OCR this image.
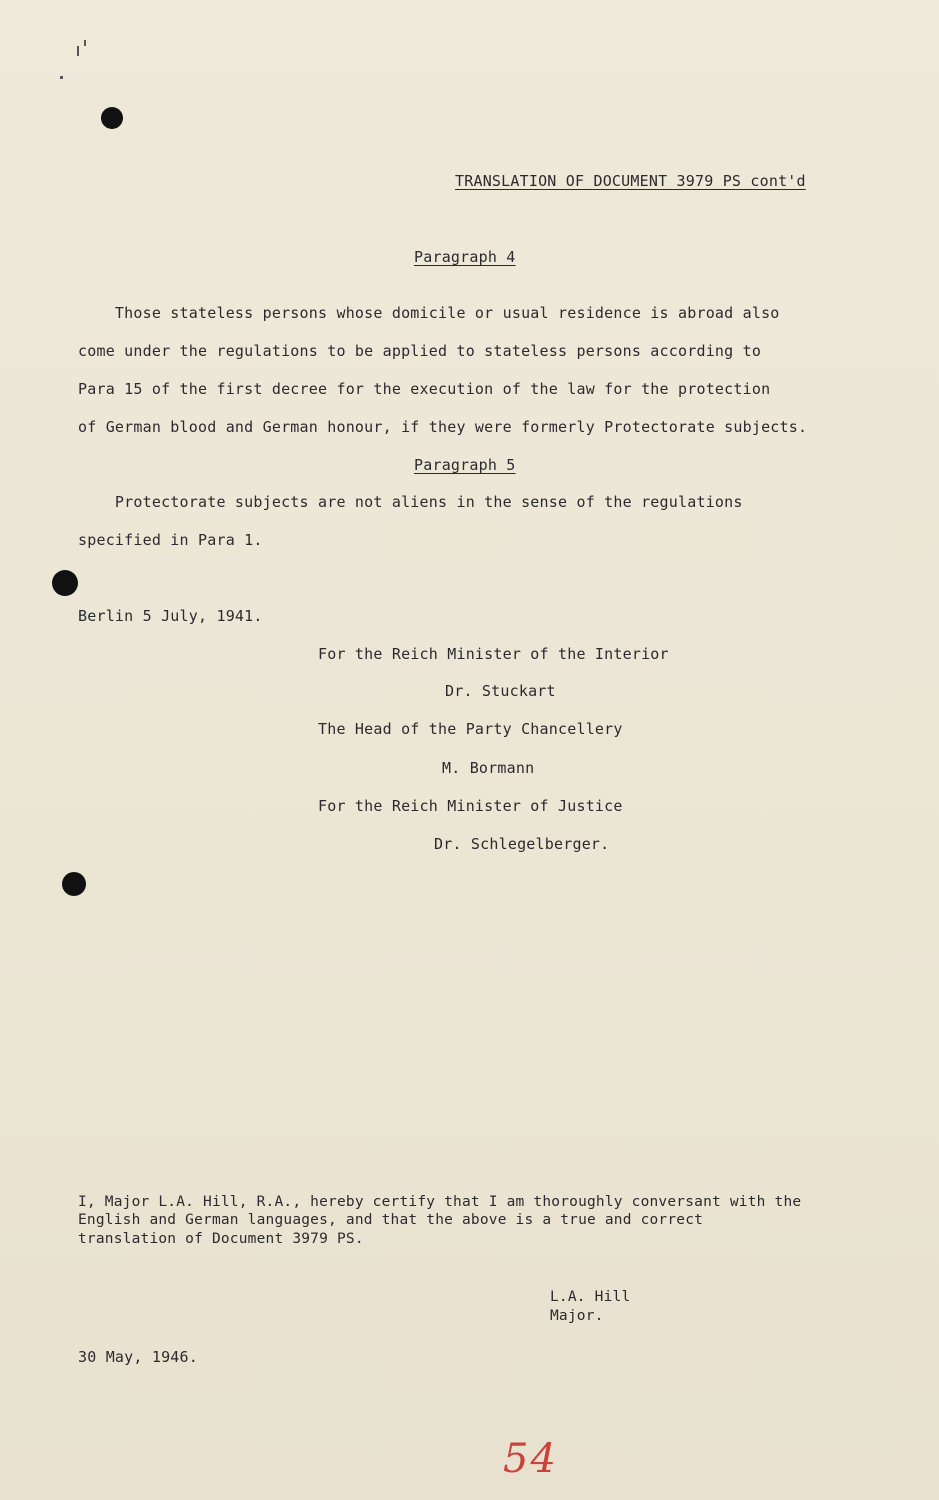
TRANSLATION OF DOCUMENT 3979 PS cont'd
Paragraph 4
Those stateless persons whose domicile or usual residence is abroad also
come under the regulations to be applied to stateless persons according to
Para 15 of the first decree for the execution of the law for the protection
of German blood and German honour, if they were formerly Protectorate subjects.
Paragraph 5
Protectorate subjects are not aliens in the sense of the regulations
specified in Para 1.
Berlin 5 July, 1941.
For the Reich Minister of the Interior
Dr. Stuckart
The Head of the Party Chancellery
M. Bormann
For the Reich Minister of Justice
Dr. Schlegelberger.
I, Major L.A. Hill, R.A., hereby certify that I am thoroughly conversant with the
English and German languages, and that the above is a true and correct
translation of Document 3979 PS.
L.A. Hill
Major.
30 May, 1946.
54
